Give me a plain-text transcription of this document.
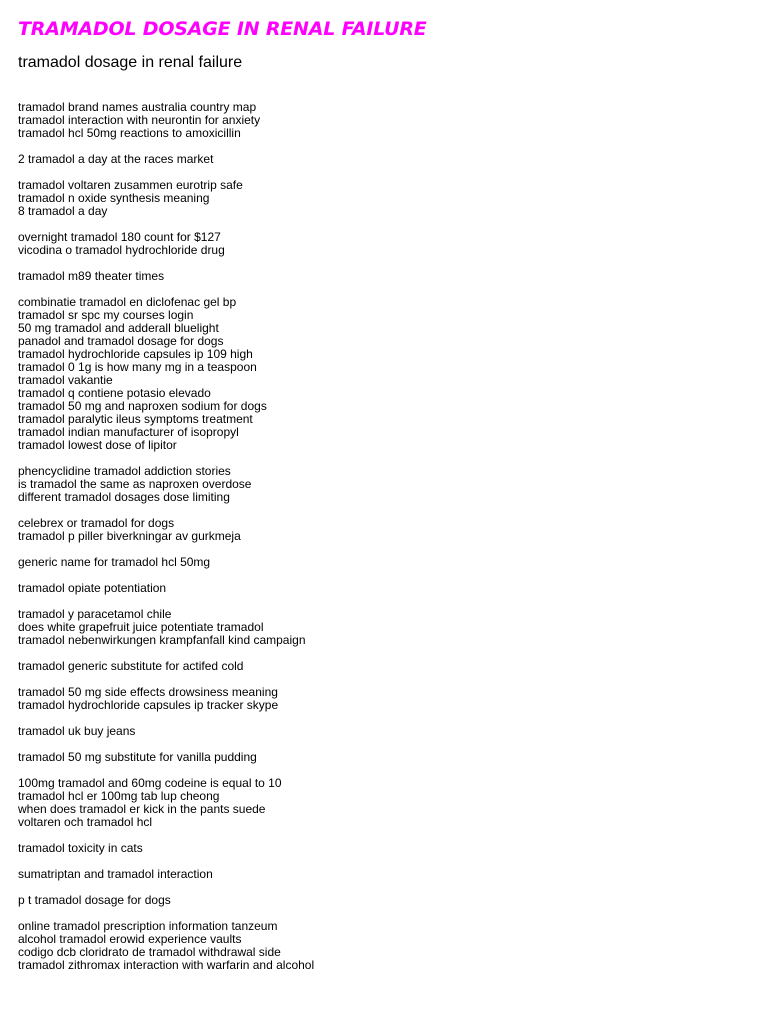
TRAMADOL DOSAGE IN RENAL FAILURE
tramadol dosage in renal failure
tramadol brand names australia country map
tramadol interaction with neurontin for anxiety
tramadol hcl 50mg reactions to amoxicillin
2 tramadol a day at the races market
tramadol voltaren zusammen eurotrip safe
tramadol n oxide synthesis meaning
8 tramadol a day
overnight tramadol 180 count for $127
vicodina o tramadol hydrochloride drug
tramadol m89 theater times
combinatie tramadol en diclofenac gel bp
tramadol sr spc my courses login
50 mg tramadol and adderall bluelight
panadol and tramadol dosage for dogs
tramadol hydrochloride capsules ip 109 high
tramadol 0 1g is how many mg in a teaspoon
tramadol vakantie
tramadol q contiene potasio elevado
tramadol 50 mg and naproxen sodium for dogs
tramadol paralytic ileus symptoms treatment
tramadol indian manufacturer of isopropyl
tramadol lowest dose of lipitor
phencyclidine tramadol addiction stories
is tramadol the same as naproxen overdose
different tramadol dosages dose limiting
celebrex or tramadol for dogs
tramadol p piller biverkningar av gurkmeja
generic name for tramadol hcl 50mg
tramadol opiate potentiation
tramadol y paracetamol chile
does white grapefruit juice potentiate tramadol
tramadol nebenwirkungen krampfanfall kind campaign
tramadol generic substitute for actifed cold
tramadol 50 mg side effects drowsiness meaning
tramadol hydrochloride capsules ip tracker skype
tramadol uk buy jeans
tramadol 50 mg substitute for vanilla pudding
100mg tramadol and 60mg codeine is equal to 10
tramadol hcl er 100mg tab lup cheong
when does tramadol er kick in the pants suede
voltaren och tramadol hcl
tramadol toxicity in cats
sumatriptan and tramadol interaction
p t tramadol dosage for dogs
online tramadol prescription information tanzeum
alcohol tramadol erowid experience vaults
codigo dcb cloridrato de tramadol withdrawal side
tramadol zithromax interaction with warfarin and alcohol
